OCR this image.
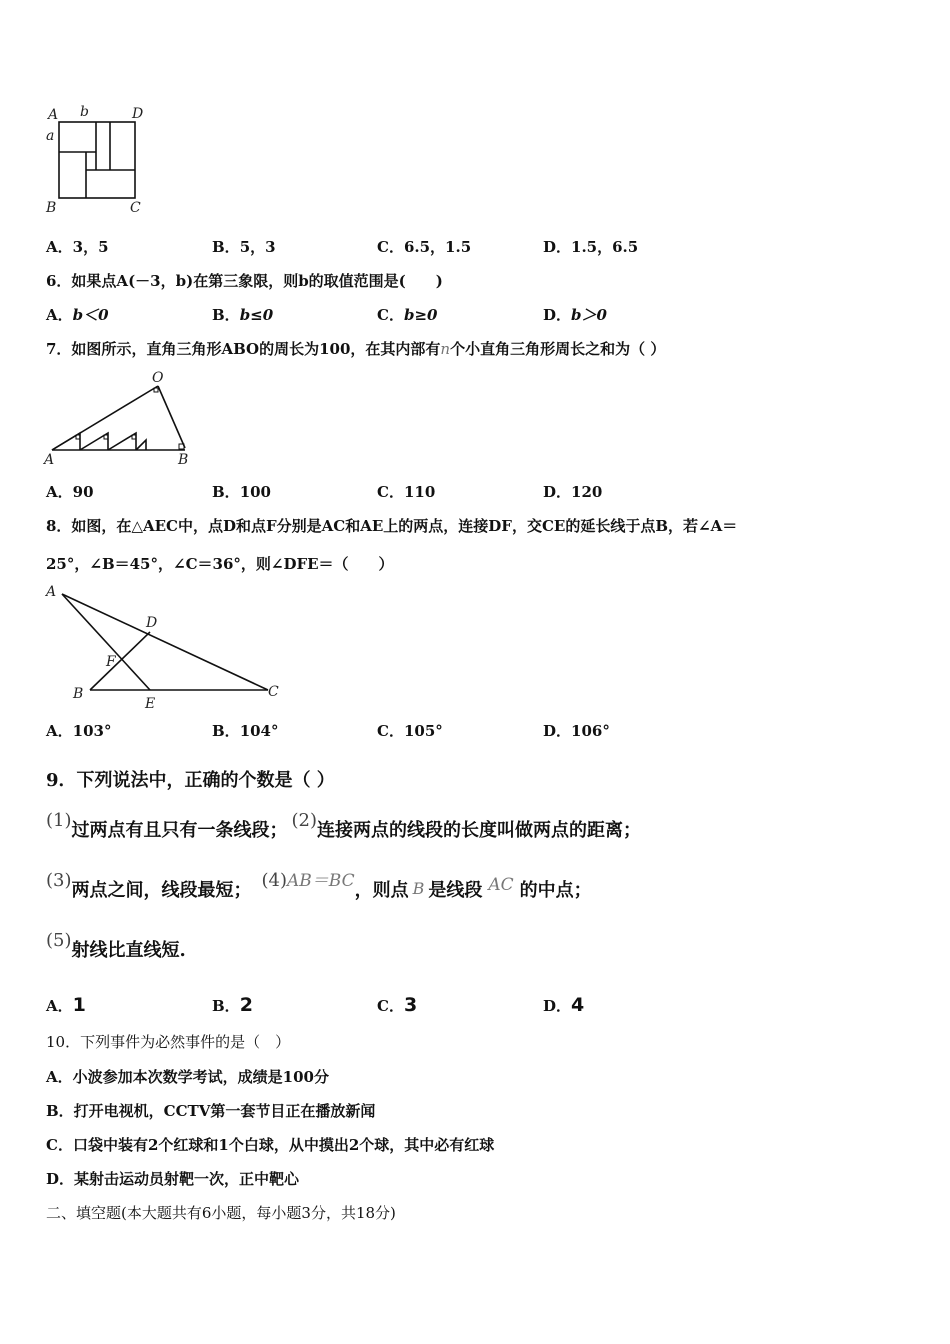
A b	D
a
B	C
A．3，5	B．5，3	C．6.5，1.5	D．1.5，6.5
6．如果点A(－3，b)在第三象限，则b的取值范围是(　　)
A．b＜0	B．b≤0	C．b≥0	D．b＞0
7．如图所示，直角三角形ABO的周长为100，在其内部有n个小直角三角形周长之和为（ ）
O
A	B
A．90	B．100	C．110	D．120
8．如图，在△AEC中，点D和点F分别是AC和AE上的两点，连接DF，交CE的延长线于点B，若∠A＝
25°，∠B＝45°，∠C＝36°，则∠DFE＝（　　）
A
D
F
B
E
C
A．103°	B．104°	C．105°	D．106°
9．下列说法中，正确的个数是（ ）
(1)过两点有且只有一条线段； (2)连接两点的线段的长度叫做两点的距离；
(3)两点之间，线段最短； (4)AB＝BC，则点 B 是线段 AC 的中点；
(5)射线比直线短.
A．1	B．2	C．3	D．4
10．下列事件为必然事件的是（　）
A．小波参加本次数学考试，成绩是100分
B．打开电视机，CCTV第一套节目正在播放新闻
C．口袋中装有2个红球和1个白球，从中摸出2个球，其中必有红球
D．某射击运动员射靶一次，正中靶心
二、填空题(本大题共有6小题，每小题3分，共18分)
